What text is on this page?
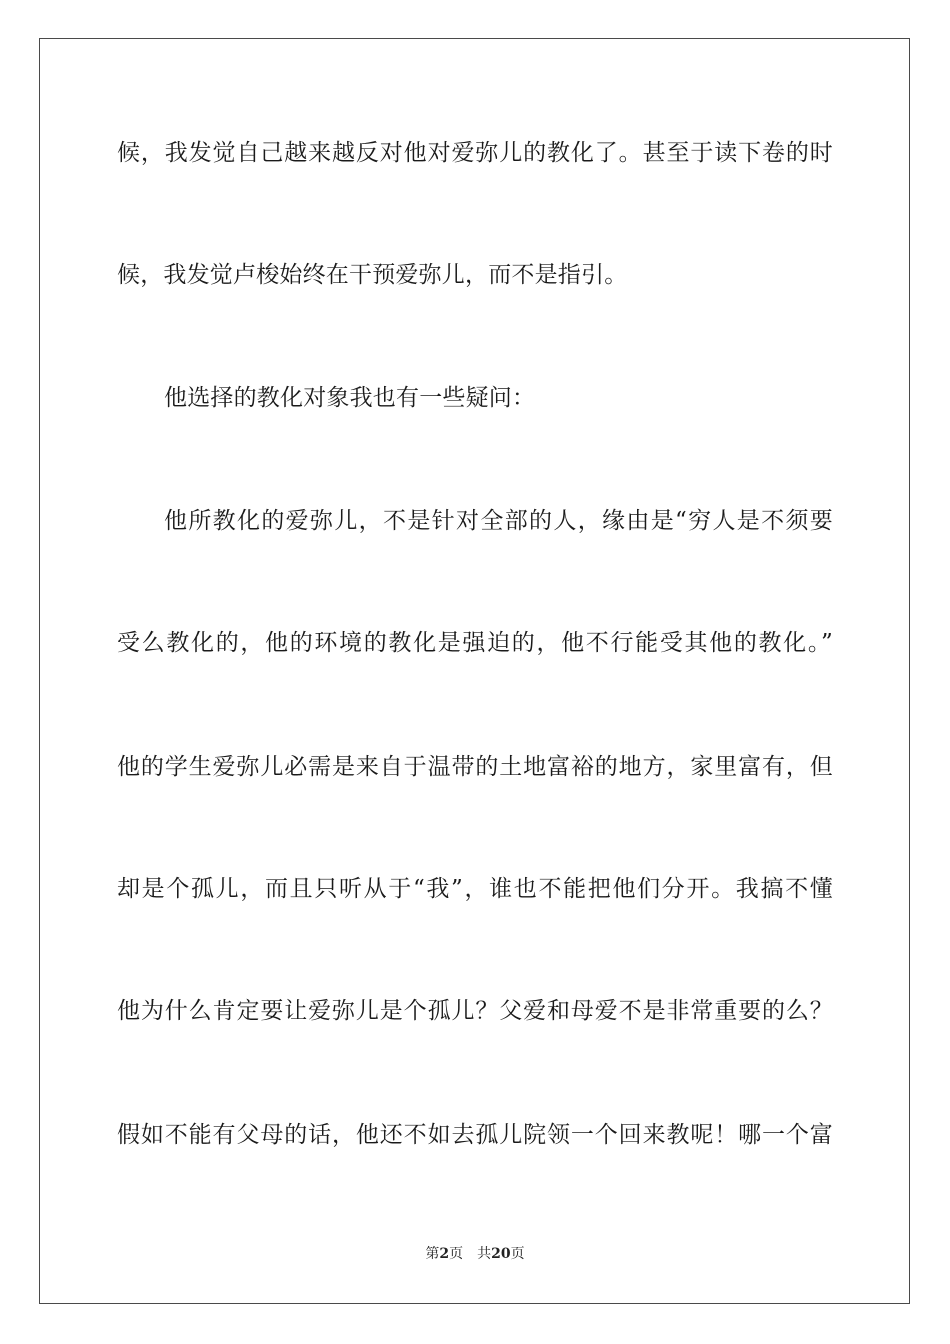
候，我发觉自己越来越反对他对爱弥儿的教化了。甚至于读下卷的时
候，我发觉卢梭始终在干预爱弥儿，而不是指引。
他选择的教化对象我也有一些疑问：
他所教化的爱弥儿，不是针对全部的人，缘由是“穷人是不须要
受么教化的，他的环境的教化是强迫的，他不行能受其他的教化。”
他的学生爱弥儿必需是来自于温带的土地富裕的地方，家里富有，但
却是个孤儿，而且只听从于“我”，谁也不能把他们分开。我搞不懂
他为什么肯定要让爱弥儿是个孤儿？父爱和母爱不是非常重要的么？
假如不能有父母的话，他还不如去孤儿院领一个回来教呢！哪一个富
第2页 共20页
